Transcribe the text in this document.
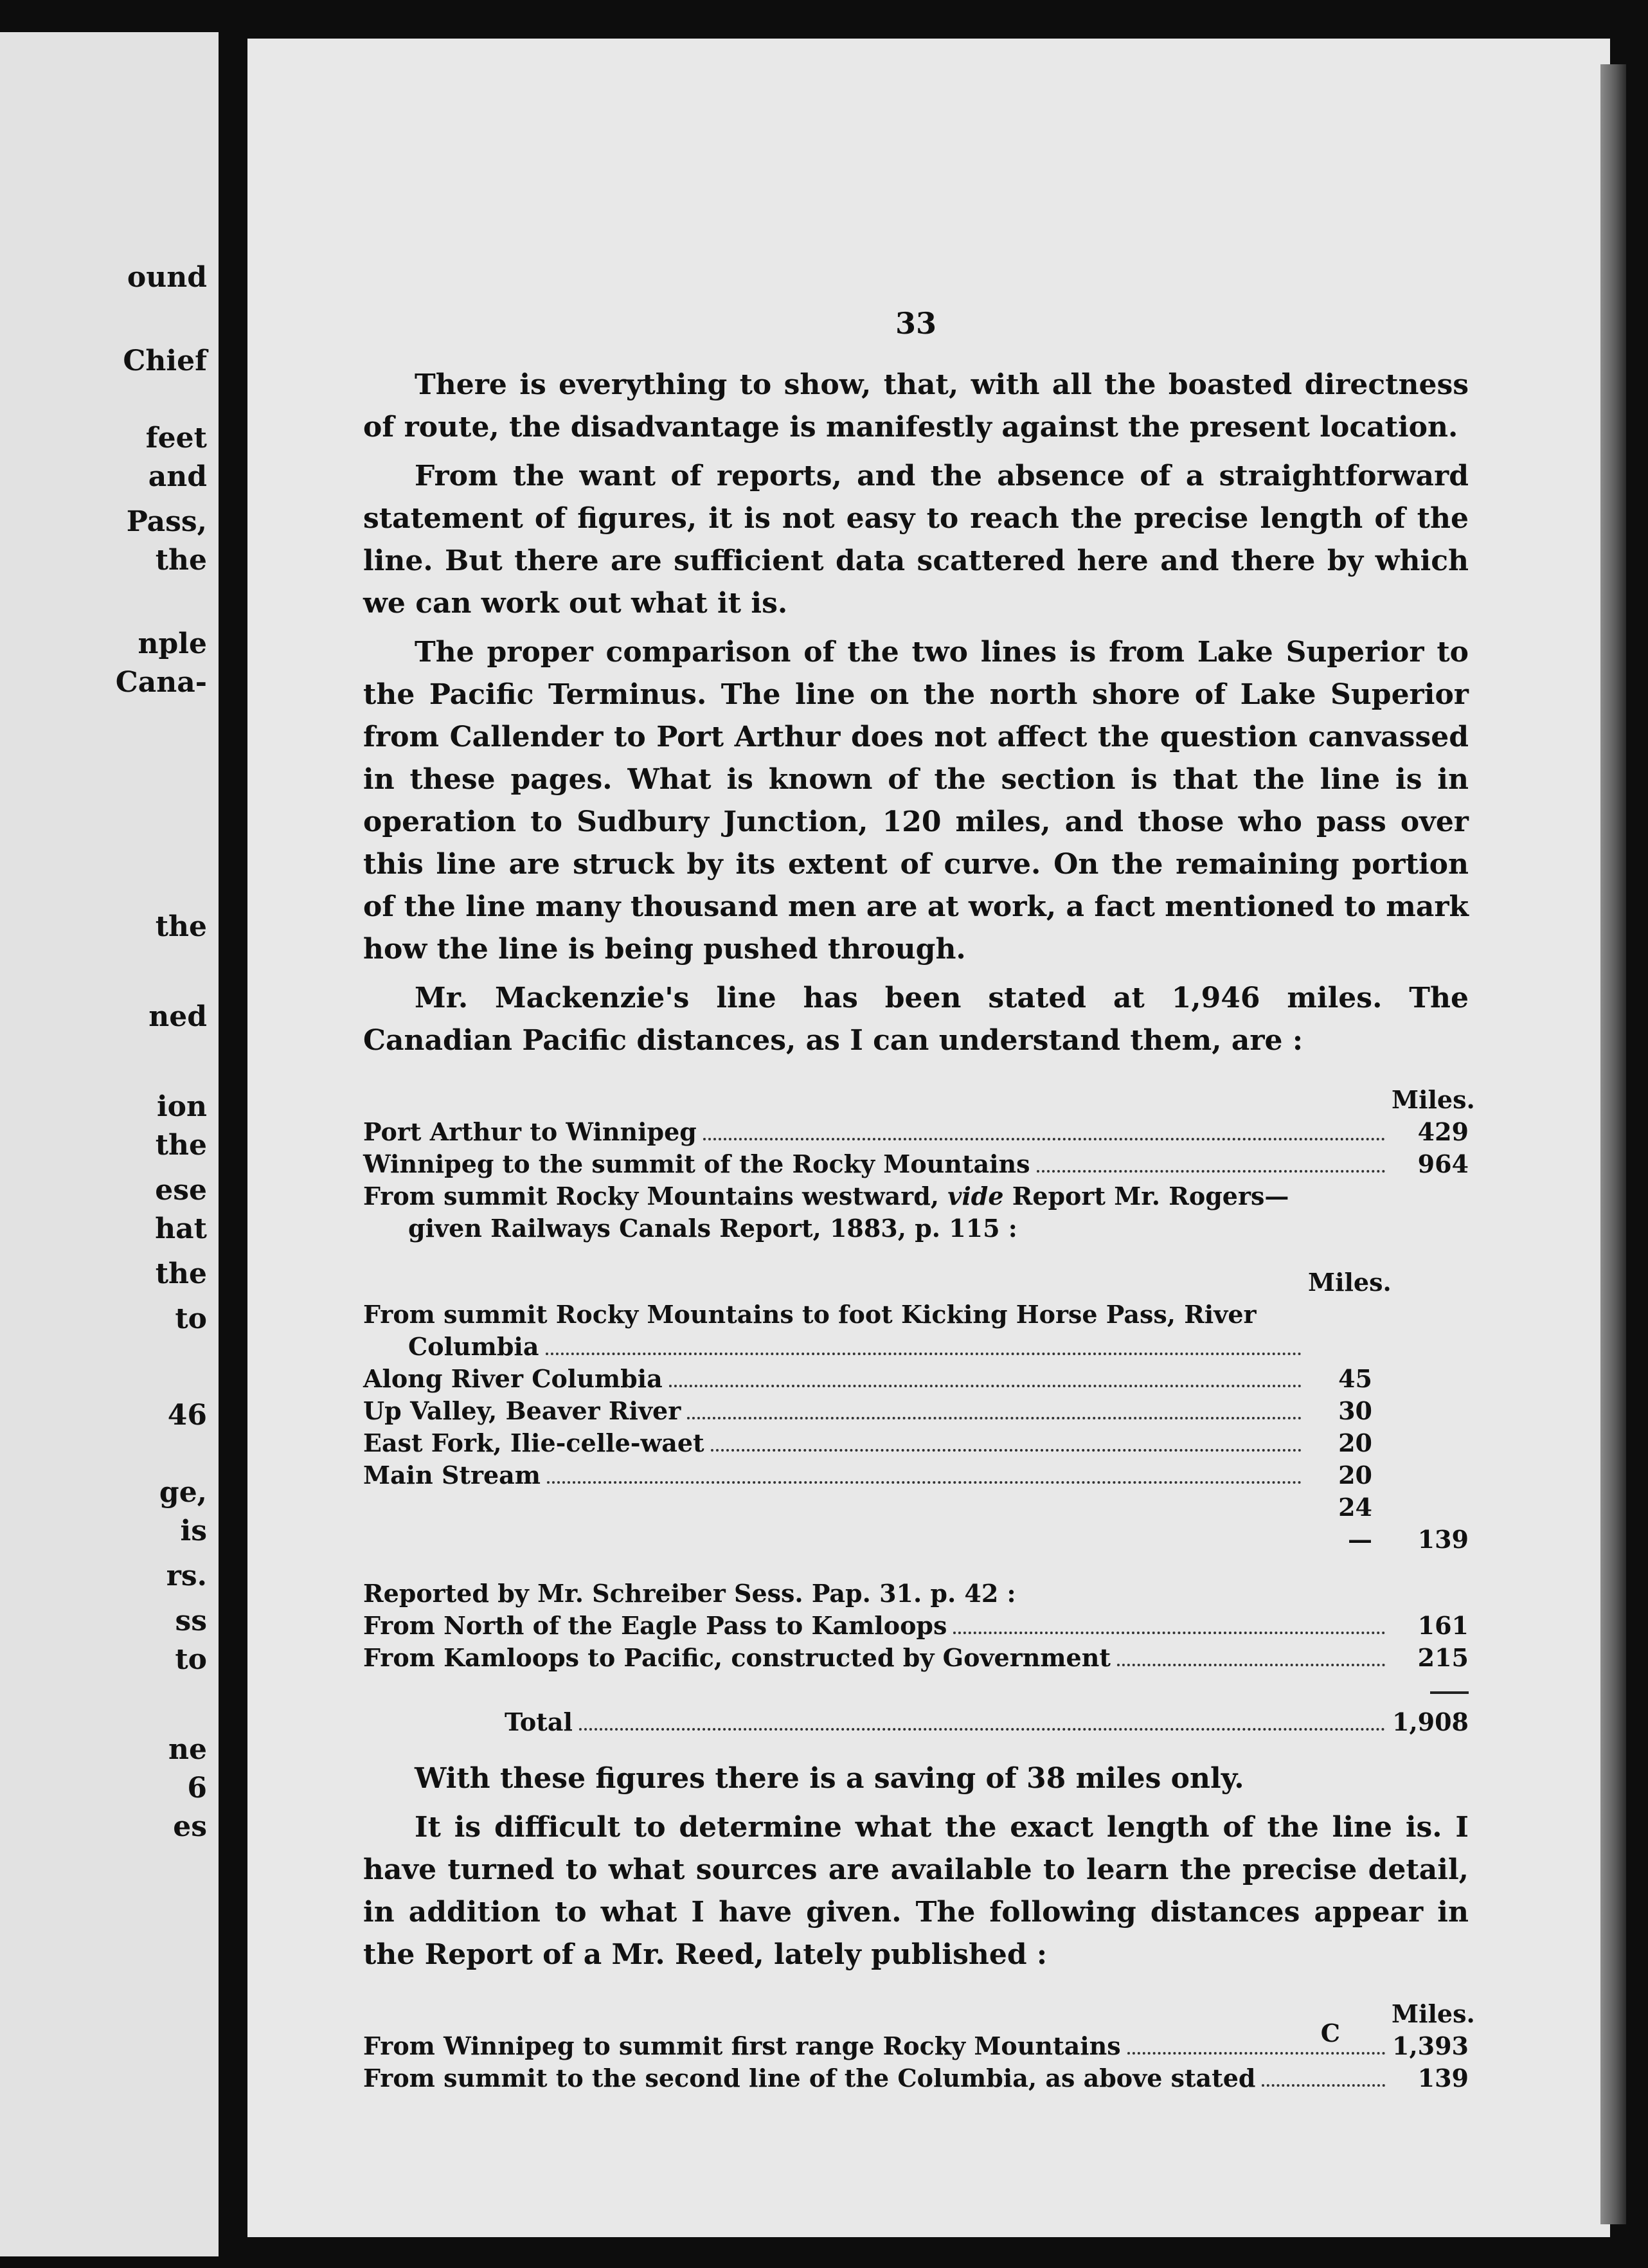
ound
Chief
feet
and
Pass,
the
nple
Cana-
the
ned
ion
the
ese
hat
the
to
46
ge,
is
rs.
ss
to
ne
6
es
33

There is everything to show, that, with all the boasted directness of route, the disadvantage is manifestly against the present location.

From the want of reports, and the absence of a straightforward statement of figures, it is not easy to reach the precise length of the line. But there are sufficient data scattered here and there by which we can work out what it is.

The proper comparison of the two lines is from Lake Superior to the Pacific Terminus. The line on the north shore of Lake Superior from Callender to Port Arthur does not affect the question canvassed in these pages. What is known of the section is that the line is in operation to Sudbury Junction, 120 miles, and those who pass over this line are struck by its extent of curve. On the remaining portion of the line many thousand men are at work, a fact mentioned to mark how the line is being pushed through.

Mr. Mackenzie's line has been stated at 1,946 miles. The Canadian Pacific distances, as I can understand them, are :

Miles.
Port Arthur to Winnipeg	429
Winnipeg to the summit of the Rocky Mountains	964
From summit Rocky Mountains westward, vide Report Mr. Rogers—
given Railways Canals Report, 1883, p. 115 :
Miles.
From summit Rocky Mountains to foot Kicking Horse Pass, River
Columbia
Along River Columbia	45
Up Valley, Beaver River	30
East Fork, Ilie-celle-waet	20
Main Stream	20
24
—	139
Reported by Mr. Schreiber Sess. Pap. 31. p. 42 :
From North of the Eagle Pass to Kamloops	161
From Kamloops to Pacific, constructed by Government	215
Total	1,908

With these figures there is a saving of 38 miles only.

It is difficult to determine what the exact length of the line is. I have turned to what sources are available to learn the precise detail, in addition to what I have given. The following distances appear in the Report of a Mr. Reed, lately published :

Miles.
From Winnipeg to summit first range Rocky Mountains	1,393
From summit to the second line of the Columbia, as above stated	139
C
